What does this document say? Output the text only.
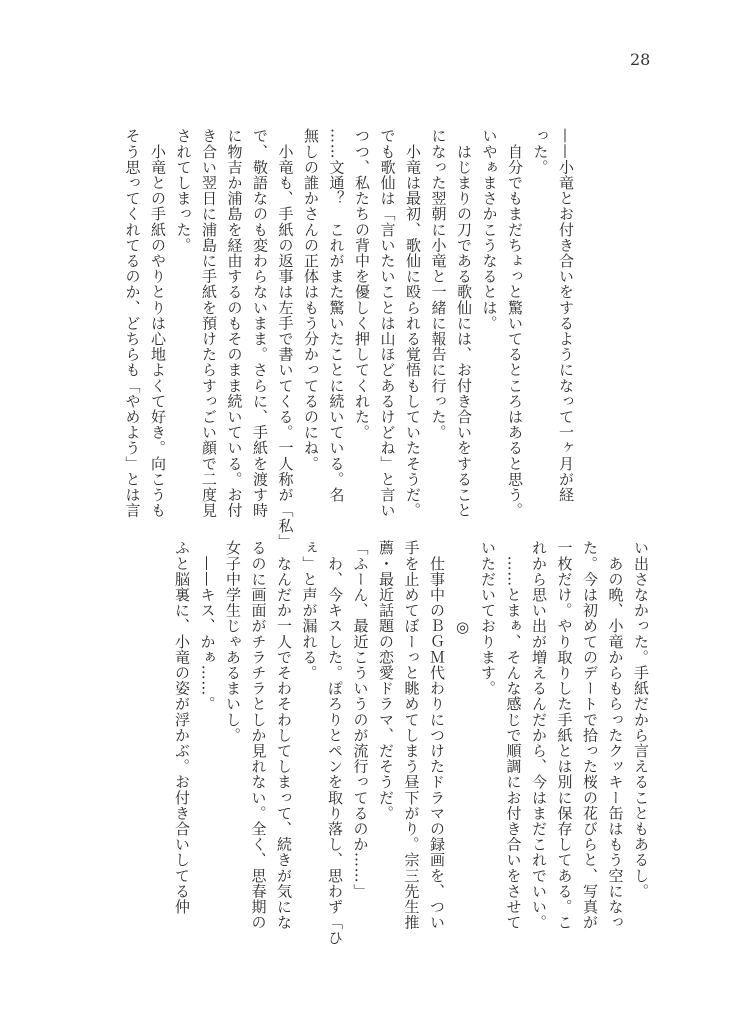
28
——小竜とお付き合いをするようになって一ヶ月が経
った。
　自分でもまだちょっと驚いてるところはあると思う。
いやぁまさかこうなるとは。
　はじまりの刀である歌仙には、お付き合いをすること
になった翌朝に小竜と一緒に報告に行った。
　小竜は最初、歌仙に殴られる覚悟もしていたそうだ。
でも歌仙は「言いたいことは山ほどあるけどね」と言い
つつ、私たちの背中を優しく押してくれた。
……文通？　これがまた驚いたことに続いている。名
無しの誰かさんの正体はもう分かってるのにね。
　小竜も、手紙の返事は左手で書いてくる。一人称が「私」
で、敬語なのも変わらないまま。さらに、手紙を渡す時
に物吉か浦島を経由するのもそのまま続いている。お付
き合い翌日に浦島に手紙を預けたらすっごい顔で二度見
されてしまった。
　小竜との手紙のやりとりは心地よくて好き。向こうも
そう思ってくれてるのか、どちらも「やめよう」とは言
い出さなかった。手紙だから言えることもあるし。
　あの晩、小竜からもらったクッキー缶はもう空になっ
た。今は初めてのデートで拾った桜の花びらと、写真が
一枚だけ。やり取りした手紙とは別に保存してある。こ
れから思い出が増えるんだから、今はまだこれでいい。
　……とまぁ、そんな感じで順調にお付き合いをさせて
いただいております。
◎
　仕事中のＢＧＭ代わりにつけたドラマの録画を、つい
手を止めてぼーっと眺めてしまう昼下がり。宗三先生推
薦・最近話題の恋愛ドラマ、だそうだ。
「ふーん、最近こういうのが流行ってるのか……」
　わ、今キスした。ぽろりとペンを取り落し、思わず「ひ
ぇ」と声が漏れる。
　なんだか一人でそわそわしてしまって、続きが気にな
るのに画面がチラチラとしか見れない。全く、思春期の
女子中学生じゃあるまいし。
　——キス、かぁ……。
ふと脳裏に、小竜の姿が浮かぶ。お付き合いしてる仲
